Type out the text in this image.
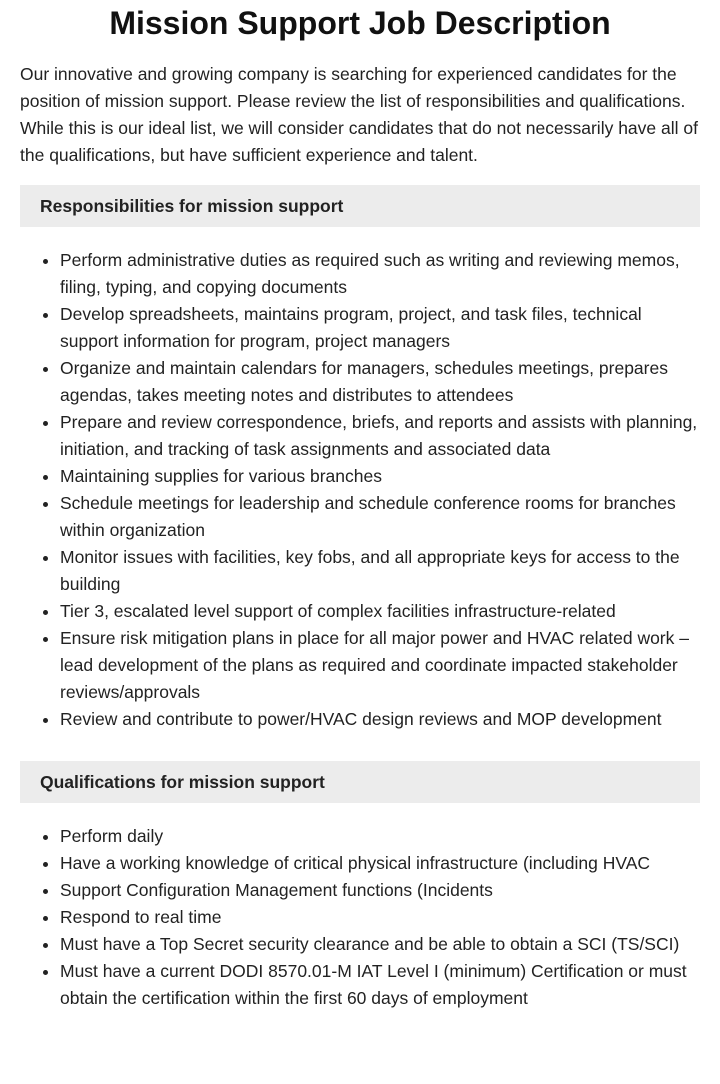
Mission Support Job Description

Our innovative and growing company is searching for experienced candidates for the position of mission support. Please review the list of responsibilities and qualifications. While this is our ideal list, we will consider candidates that do not necessarily have all of the qualifications, but have sufficient experience and talent.

Responsibilities for mission support
• Perform administrative duties as required such as writing and reviewing memos, filing, typing, and copying documents
• Develop spreadsheets, maintains program, project, and task files, technical support information for program, project managers
• Organize and maintain calendars for managers, schedules meetings, prepares agendas, takes meeting notes and distributes to attendees
• Prepare and review correspondence, briefs, and reports and assists with planning, initiation, and tracking of task assignments and associated data
• Maintaining supplies for various branches
• Schedule meetings for leadership and schedule conference rooms for branches within organization
• Monitor issues with facilities, key fobs, and all appropriate keys for access to the building
• Tier 3, escalated level support of complex facilities infrastructure-related
• Ensure risk mitigation plans in place for all major power and HVAC related work – lead development of the plans as required and coordinate impacted stakeholder reviews/approvals
• Review and contribute to power/HVAC design reviews and MOP development
Qualifications for mission support
• Perform daily
• Have a working knowledge of critical physical infrastructure (including HVAC
• Support Configuration Management functions (Incidents
• Respond to real time
• Must have a Top Secret security clearance and be able to obtain a SCI (TS/SCI)
• Must have a current DODI 8570.01-M IAT Level I (minimum) Certification or must obtain the certification within the first 60 days of employment
